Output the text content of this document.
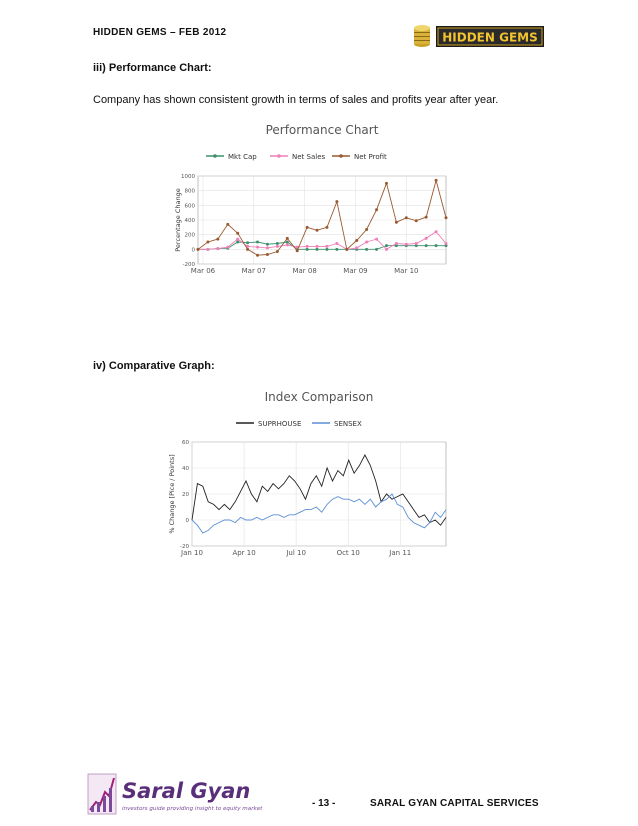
HIDDEN GEMS – FEB 2012	HIDDEN GEMS
iii) Performance Chart:
Company has shown consistent growth in terms of sales and profits year after year.
Performance Chart
Mkt Cap	Net Sales	Net Profit
-200
0
200
400
600
800
1000
Mar 06	Mar 07	Mar 08	Mar 09	Mar 10
Percentage Change
iv) Comparative Graph:
Index Comparison
SUPRHOUSE	SENSEX
-20
0
20
40
60
Jan 10	Apr 10	Jul 10	Oct 10	Jan 11
% Change [Pice / Points]
Saral Gyan
investors guide providing insight to equity market	- 13 -	SARAL GYAN CAPITAL SERVICES
